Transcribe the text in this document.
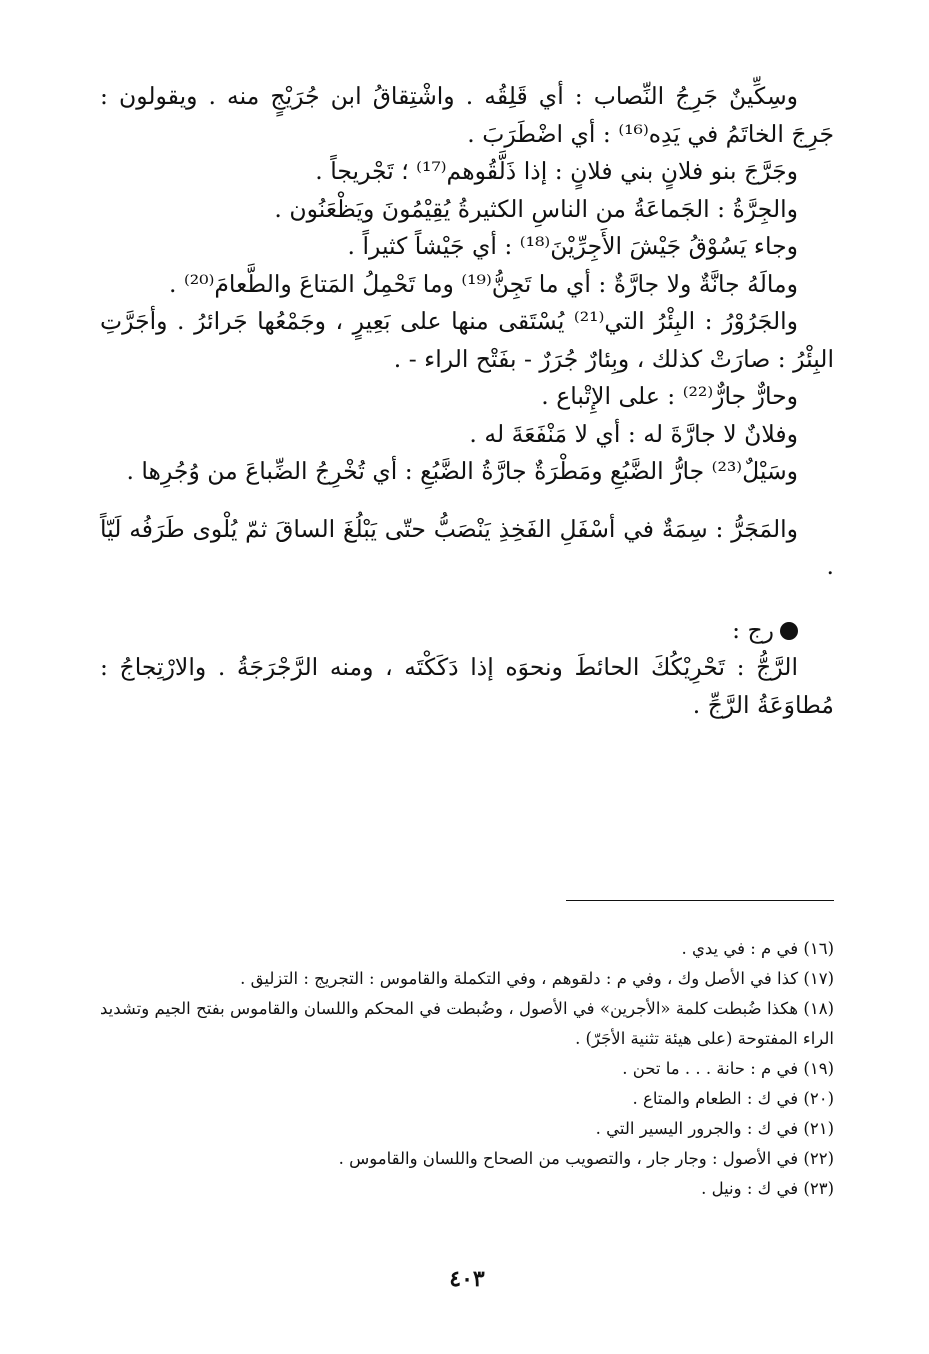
وسِكِّينٌ جَرِجُ النِّصاب : أي قَلِقُه . واشْتِقاقُ ابن جُرَيْجٍ منه . ويقولون : جَرِجَ الخاتَمُ في يَدِه⁽¹⁶⁾ : أي اضْطَرَبَ .

وجَرَّجَ بنو فلانٍ بني فلانٍ : إذا ذَلَّقُوهم⁽¹⁷⁾ ؛ تَجْريجاً .

والجِرَّةُ : الجَماعَةُ من الناسِ الكثيرةُ يُقِيْمُونَ ويَظْعَنُون .

وجاء يَسُوْقُ جَيْشَ الأَجِرِّيْنَ⁽¹⁸⁾ : أي جَيْشاً كثيراً .

ومالَهُ جانَّةٌ ولا جارَّةٌ : أي ما تَجِنُّ⁽¹⁹⁾ وما تَحْمِلُ المَتاعَ والطَّعامَ⁽²⁰⁾ .

والجَرُوْرُ : البِئْرُ التي⁽²¹⁾ يُسْتَقى منها على بَعِيرٍ ، وجَمْعُها جَرائرُ . وأجَرَّتِ البِئْرُ : صارَتْ كذلك ، وبِئارٌ جُرَرٌ - بفَتْح الراء - .

وحارٌّ جارٌّ⁽²²⁾ : على الإِتْباع .

وفلانٌ لا جارَّةَ له : أي لا مَنْفَعَةَ له .

وسَيْلٌ⁽²³⁾ جارُّ الضَّبُعِ ومَطْرَةٌ جارَّةُ الضَّبُعِ : أي تُخْرِجُ الضِّباعَ من وُجُرِها .

والمَجَرُّ : سِمَةٌ في أسْفَلِ الفَخِذِ يَنْصَبُّ حتّى يَبْلُغَ الساقَ ثمّ يُلْوى طَرَفُه لَيّاً .

رج :

الرَّجُّ : تَحْرِيْكُكَ الحائطَ ونحوَه إذا دَكَكْتَه ، ومنه الرَّجْرَجَةُ . والارْتِجاجُ : مُطاوَعَةُ الرَّجِّ .

(١٦) في م : في يدي .

(١٧) كذا في الأصل وك ، وفي م : دلقوهم ، وفي التكملة والقاموس : التجريج : التزليق .

(١٨) هكذا ضُبطت كلمة «الأجرين» في الأصول ، وضُبطت في المحكم واللسان والقاموس بفتح الجيم وتشديد الراء المفتوحة (على هيئة تثنية الأجَرّ) .

(١٩) في م : حانة . . . ما تحن .

(٢٠) في ك : الطعام والمتاع .

(٢١) في ك : والجرور اليسير التي .

(٢٢) في الأصول : وجار جار ، والتصويب من الصحاح واللسان والقاموس .

(٢٣) في ك : ونيل .

٤٠٣
